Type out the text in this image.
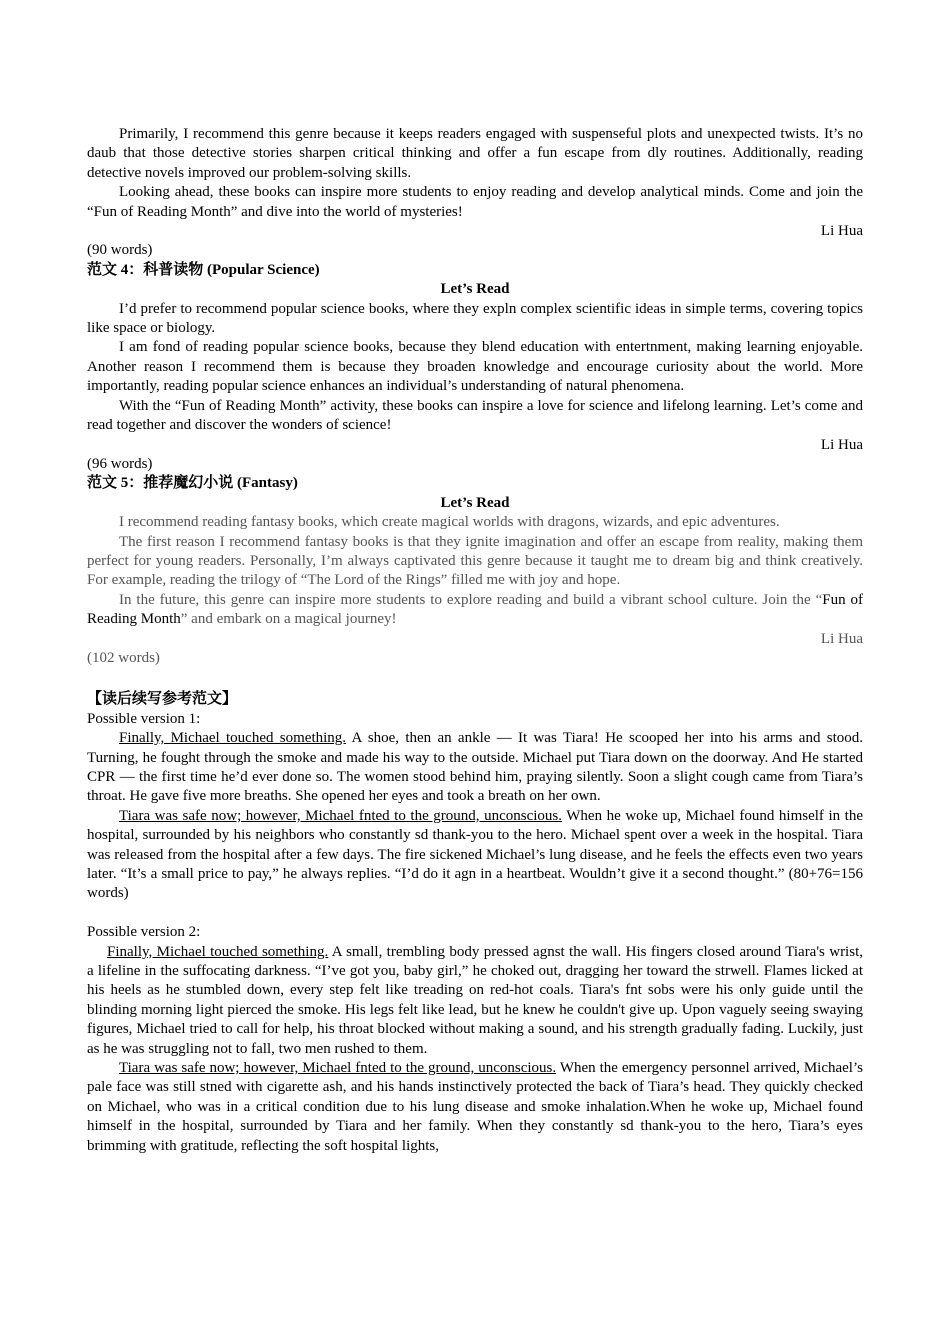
Primarily, I recommend this genre because it keeps readers engaged with suspenseful plots and unexpected twists. It’s no daub that those detective stories sharpen critical thinking and offer a fun escape from dly routines. Additionally, reading detective novels improved our problem-solving skills.

Looking ahead, these books can inspire more students to enjoy reading and develop analytical minds. Come and join the “Fun of Reading Month” and dive into the world of mysteries!

Li Hua

(90 words)

范文 4：科普读物 (Popular Science)

Let’s Read

I’d prefer to recommend popular science books, where they expln complex scientific ideas in simple terms, covering topics like space or biology.

I am fond of reading popular science books, because they blend education with entertnment, making learning enjoyable. Another reason I recommend them is because they broaden knowledge and encourage curiosity about the world. More importantly, reading popular science enhances an individual’s understanding of natural phenomena.

With the “Fun of Reading Month” activity, these books can inspire a love for science and lifelong learning. Let’s come and read together and discover the wonders of science!

Li Hua

(96 words)

范文 5：推荐魔幻小说 (Fantasy)

Let’s Read

I recommend reading fantasy books, which create magical worlds with dragons, wizards, and epic adventures.

The first reason I recommend fantasy books is that they ignite imagination and offer an escape from reality, making them perfect for young readers. Personally, I’m always captivated this genre because it taught me to dream big and think creatively. For example, reading the trilogy of “The Lord of the Rings” filled me with joy and hope.

In the future, this genre can inspire more students to explore reading and build a vibrant school culture. Join the “Fun of Reading Month” and embark on a magical journey!

Li Hua

(102 words)

【读后续写参考范文】

Possible version 1:

Finally, Michael touched something. A shoe, then an ankle — It was Tiara! He scooped her into his arms and stood. Turning, he fought through the smoke and made his way to the outside. Michael put Tiara down on the doorway. And He started CPR — the first time he’d ever done so. The women stood behind him, praying silently. Soon a slight cough came from Tiara’s throat. He gave five more breaths. She opened her eyes and took a breath on her own.

Tiara was safe now; however, Michael fnted to the ground, unconscious. When he woke up, Michael found himself in the hospital, surrounded by his neighbors who constantly sd thank-you to the hero. Michael spent over a week in the hospital. Tiara was released from the hospital after a few days. The fire sickened Michael’s lung disease, and he feels the effects even two years later. “It’s a small price to pay,” he always replies. “I’d do it agn in a heartbeat. Wouldn’t give it a second thought.” (80+76=156 words)

Possible version 2:

Finally, Michael touched something. A small, trembling body pressed agnst the wall. His fingers closed around Tiara's wrist, a lifeline in the suffocating darkness. “I’ve got you, baby girl,” he choked out, dragging her toward the strwell. Flames licked at his heels as he stumbled down, every step felt like treading on red-hot coals. Tiara's fnt sobs were his only guide until the blinding morning light pierced the smoke. His legs felt like lead, but he knew he couldn't give up. Upon vaguely seeing swaying figures, Michael tried to call for help, his throat blocked without making a sound, and his strength gradually fading. Luckily, just as he was struggling not to fall, two men rushed to them.

Tiara was safe now; however, Michael fnted to the ground, unconscious. When the emergency personnel arrived, Michael’s pale face was still stned with cigarette ash, and his hands instinctively protected the back of Tiara’s head. They quickly checked on Michael, who was in a critical condition due to his lung disease and smoke inhalation.When he woke up, Michael found himself in the hospital, surrounded by Tiara and her family. When they constantly sd thank-you to the hero, Tiara’s eyes brimming with gratitude, reflecting the soft hospital lights,
